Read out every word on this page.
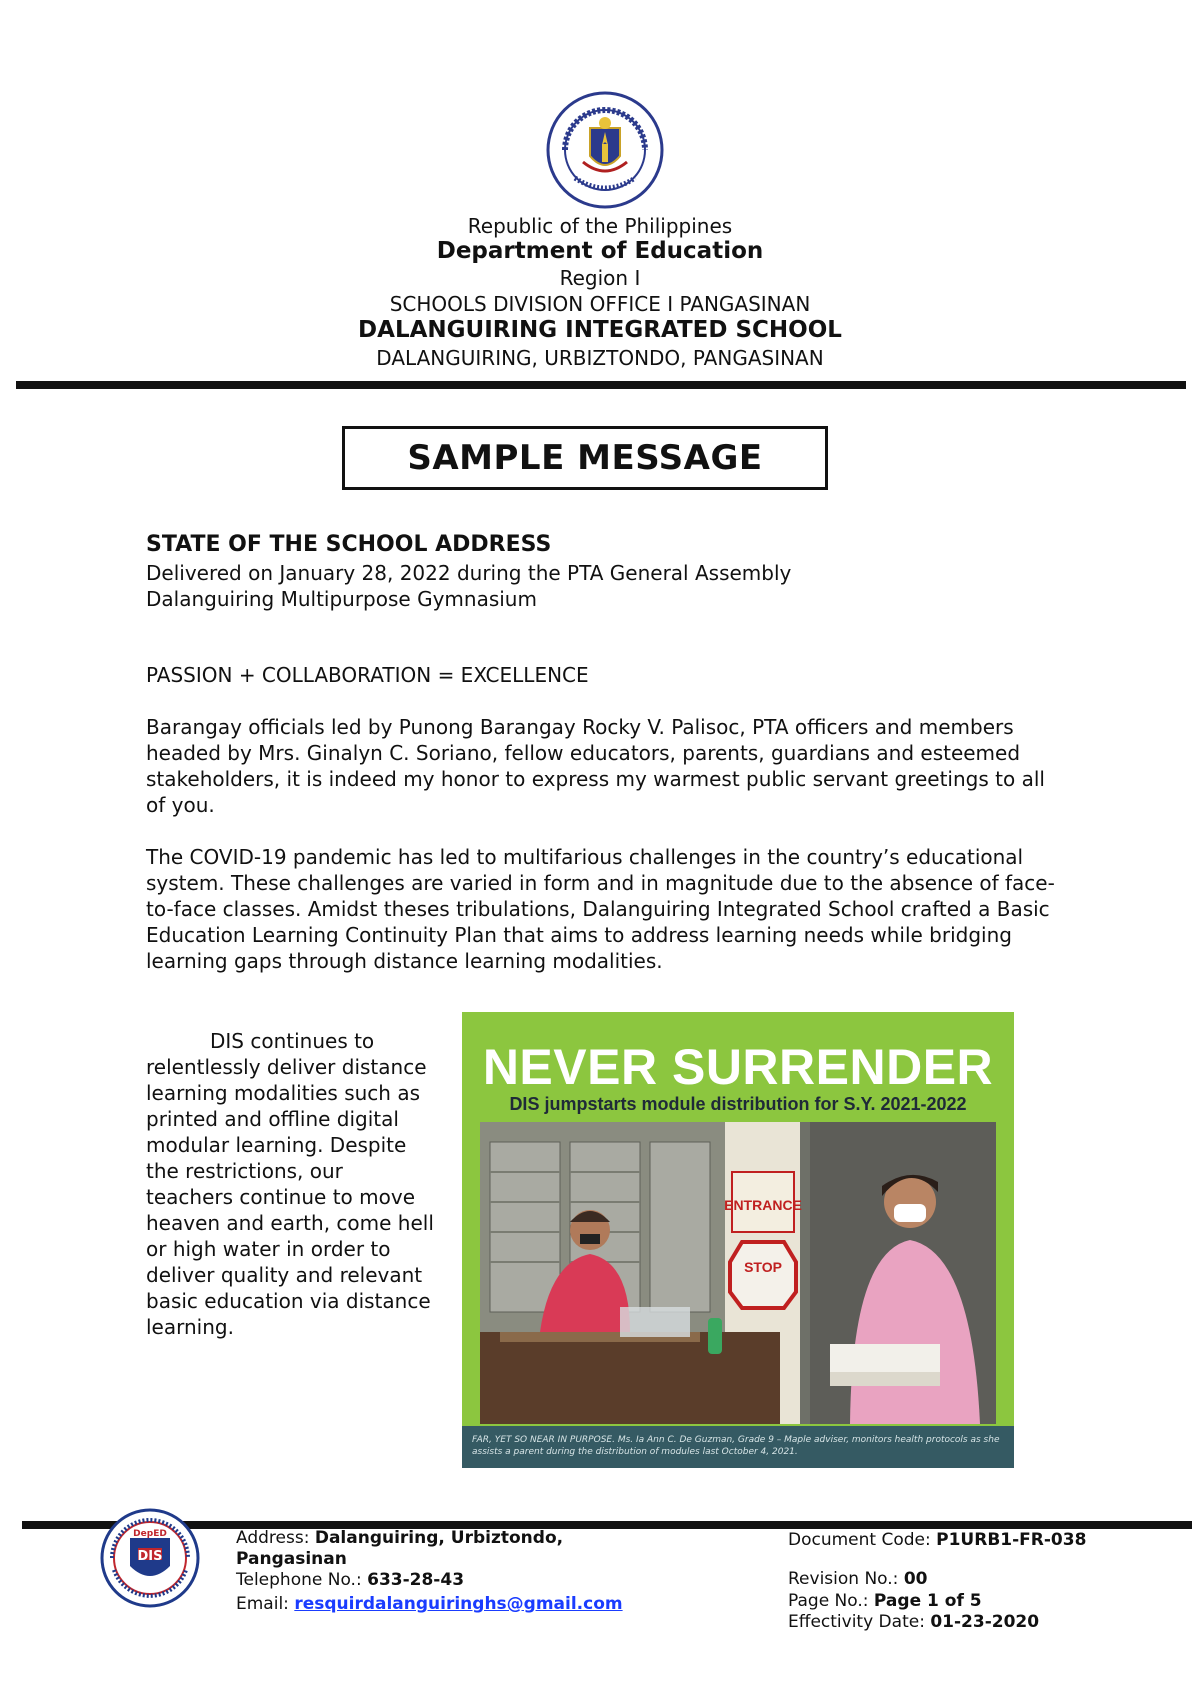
Republic of the Philippines
Department of Education
Region I
SCHOOLS DIVISION OFFICE I PANGASINAN
DALANGUIRING INTEGRATED SCHOOL
DALANGUIRING, URBIZTONDO, PANGASINAN
SAMPLE MESSAGE
STATE OF THE SCHOOL ADDRESS
Delivered on January 28, 2022 during the PTA General Assembly
Dalanguiring Multipurpose Gymnasium
PASSION + COLLABORATION = EXCELLENCE

Barangay officials led by Punong Barangay Rocky V. Palisoc, PTA officers and members headed by Mrs. Ginalyn C. Soriano, fellow educators, parents, guardians and esteemed stakeholders, it is indeed my honor to express my warmest public servant greetings to all of you.

The COVID-19 pandemic has led to multifarious challenges in the country’s educational system. These challenges are varied in form and in magnitude due to the absence of face-to-face classes. Amidst theses tribulations, Dalanguiring Integrated School crafted a Basic Education Learning Continuity Plan that aims to address learning needs while bridging learning gaps through distance learning modalities.

DIS continues to relentlessly deliver distance learning modalities such as printed and offline digital modular learning. Despite the restrictions, our teachers continue to move heaven and earth, come hell or high water in order to deliver quality and relevant basic education via distance learning.

NEVER SURRENDER
DIS jumpstarts module distribution for S.Y. 2021-2022
ENTRANCE
STOP
FAR, YET SO NEAR IN PURPOSE. Ms. Ia Ann C. De Guzman, Grade 9 – Maple adviser, monitors health protocols as she assists a parent during the distribution of modules last October 4, 2021.
DepED
DIS
Address: Dalanguiring, Urbiztondo, Pangasinan
Telephone No.: 633-28-43
Email: resquirdalanguiringhs@gmail.com
Document Code: P1URB1-FR-038
Revision No.: 00
Page No.: Page 1 of 5
Effectivity Date: 01-23-2020
